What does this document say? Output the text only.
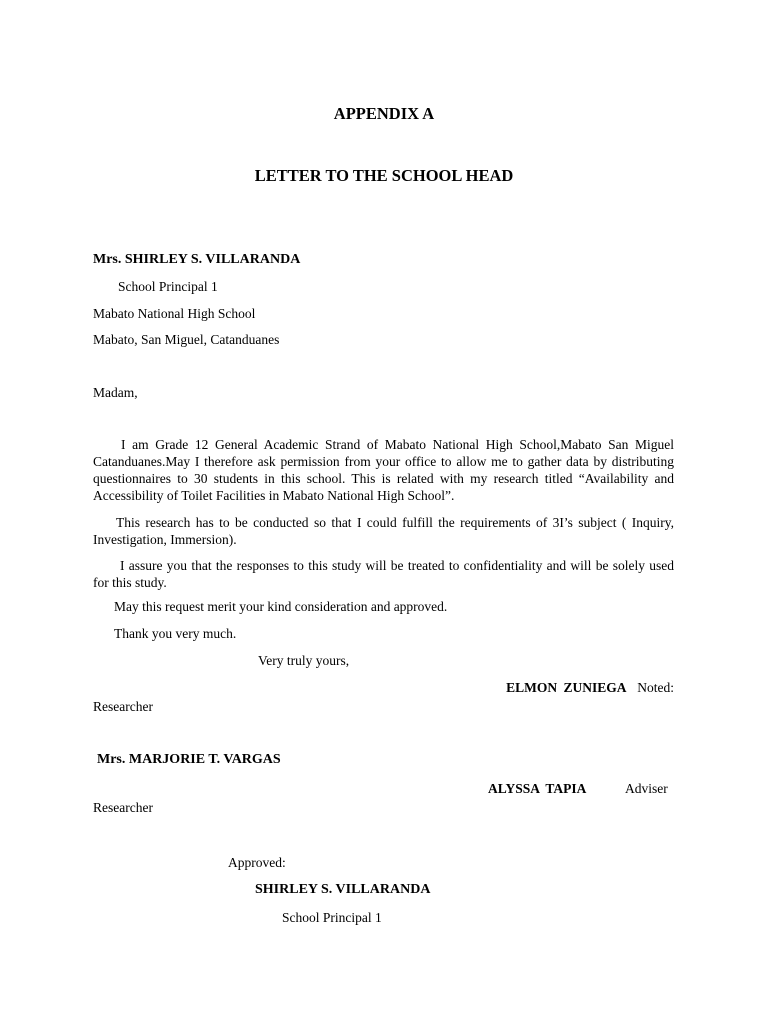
APPENDIX A
LETTER TO THE SCHOOL HEAD
Mrs. SHIRLEY S. VILLARANDA
School Principal 1
Mabato National High School
Mabato, San Miguel, Catanduanes
Madam,
I am Grade 12 General Academic Strand of Mabato National High School,Mabato San Miguel Catanduanes.May I therefore ask permission from your office to allow me to gather data by distributing questionnaires to 30 students in this school. This is related with my research titled “Availability and Accessibility of Toilet Facilities in Mabato National High School”.
This research has to be conducted so that I could fulfill the requirements of 3I’s subject ( Inquiry, Investigation, Immersion).
I assure you that the responses to this study will be treated to confidentiality and will be solely used for this study.
May this request merit your kind consideration and approved.
Thank you very much.
Very truly yours,
ELMON ZUNIEGA Noted:
Researcher
Mrs. MARJORIE T. VARGAS
ALYSSA TAPIA	Adviser
Researcher
Approved:
SHIRLEY S. VILLARANDA
School Principal 1
